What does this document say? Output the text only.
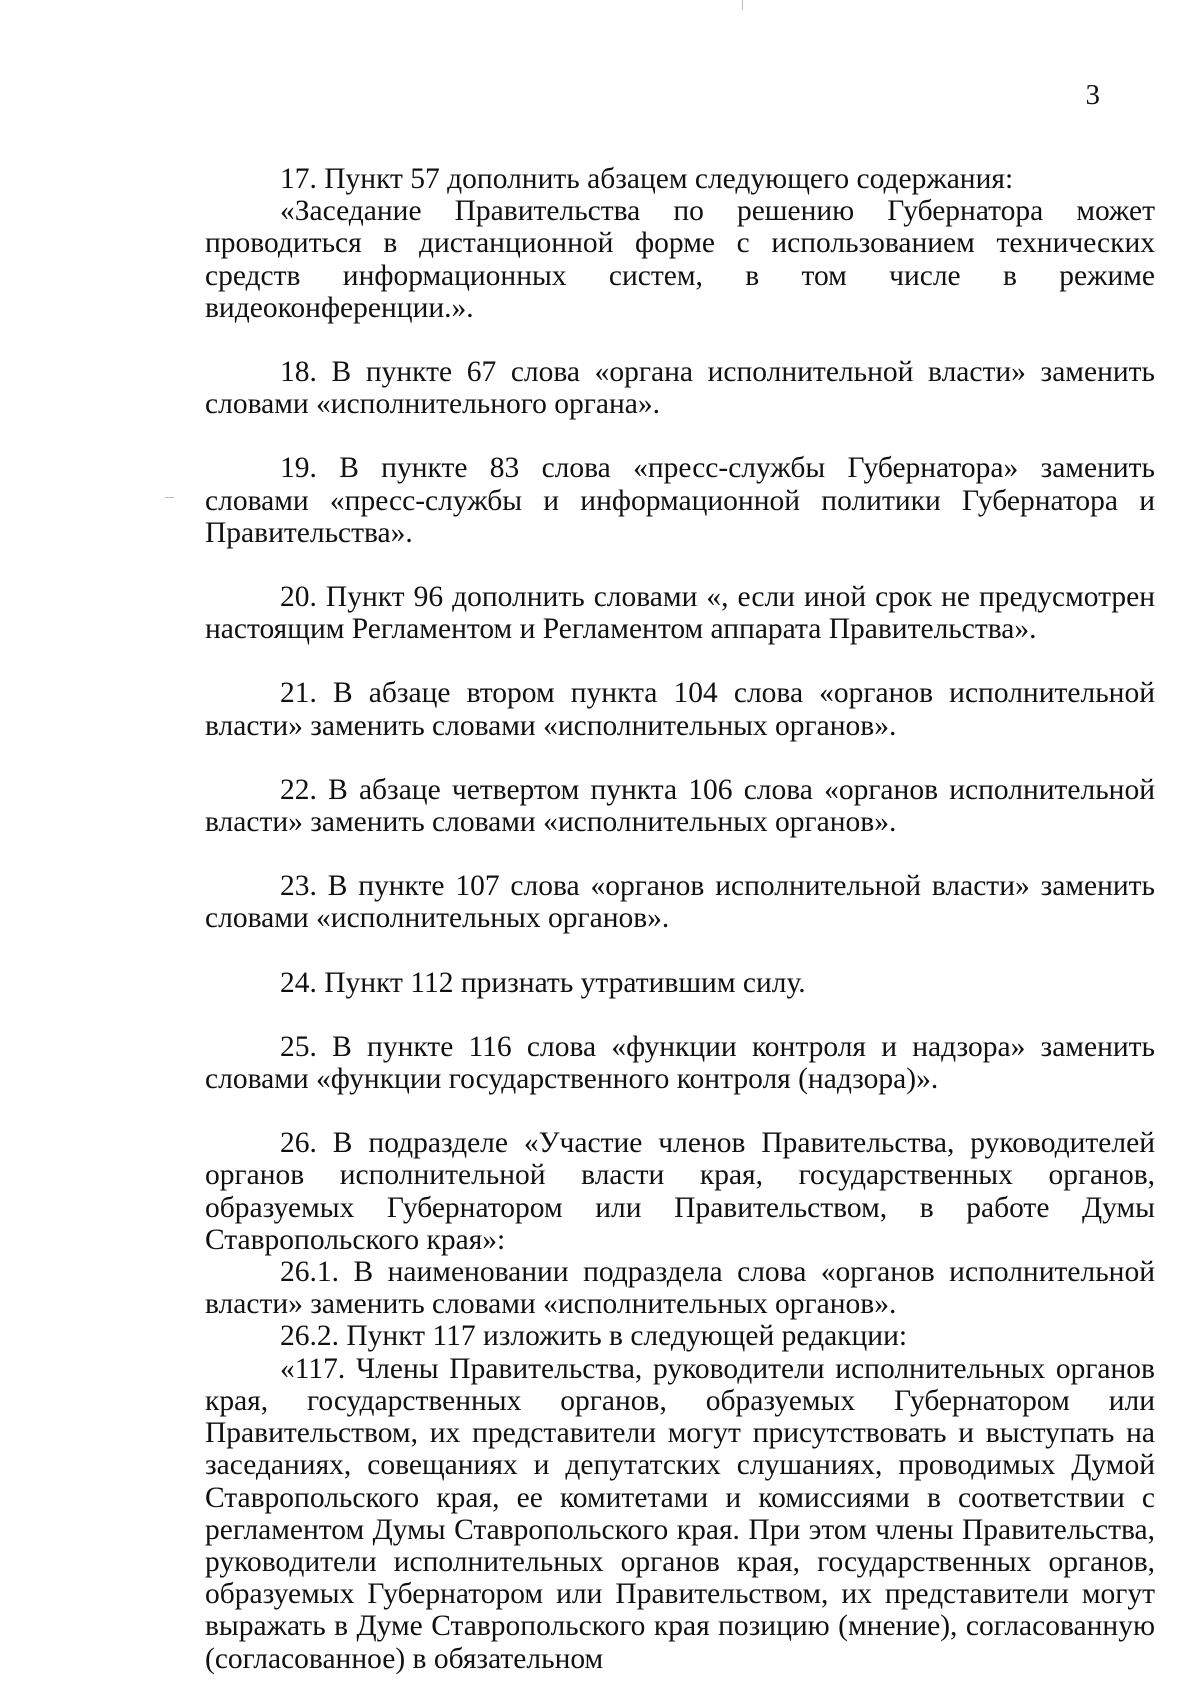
3

17. Пункт 57 дополнить абзацем следующего содержания:

«Заседание Правительства по решению Губернатора может проводиться в дистанционной форме с использованием технических средств информационных систем, в том числе в режиме видеоконференции.».

18. В пункте 67 слова «органа исполнительной власти» заменить словами «исполнительного органа».

19. В пункте 83 слова «пресс-службы Губернатора» заменить словами «пресс-службы и информационной политики Губернатора и Правительства».

20. Пункт 96 дополнить словами «, если иной срок не предусмотрен настоящим Регламентом и Регламентом аппарата Правительства».

21. В абзаце втором пункта 104 слова «органов исполнительной власти» заменить словами «исполнительных органов».

22. В абзаце четвертом пункта 106 слова «органов исполнительной власти» заменить словами «исполнительных органов».

23. В пункте 107 слова «органов исполнительной власти» заменить словами «исполнительных органов».

24. Пункт 112 признать утратившим силу.

25. В пункте 116 слова «функции контроля и надзора» заменить словами «функции государственного контроля (надзора)».

26. В подразделе «Участие членов Правительства, руководителей органов исполнительной власти края, государственных органов, образуемых Губернатором или Правительством, в работе Думы Ставропольского края»:

26.1. В наименовании подраздела слова «органов исполнительной власти» заменить словами «исполнительных органов».

26.2. Пункт 117 изложить в следующей редакции:

«117. Члены Правительства, руководители исполнительных органов края, государственных органов, образуемых Губернатором или Правительством, их представители могут присутствовать и выступать на заседаниях, совещаниях и депутатских слушаниях, проводимых Думой Ставропольского края, ее комитетами и комиссиями в соответствии с регламентом Думы Ставропольского края. При этом члены Правительства, руководители исполнительных органов края, государственных органов, образуемых Губернатором или Правительством, их представители могут выражать в Думе Ставропольского края позицию (мнение), согласованную (согласованное) в обязательном
